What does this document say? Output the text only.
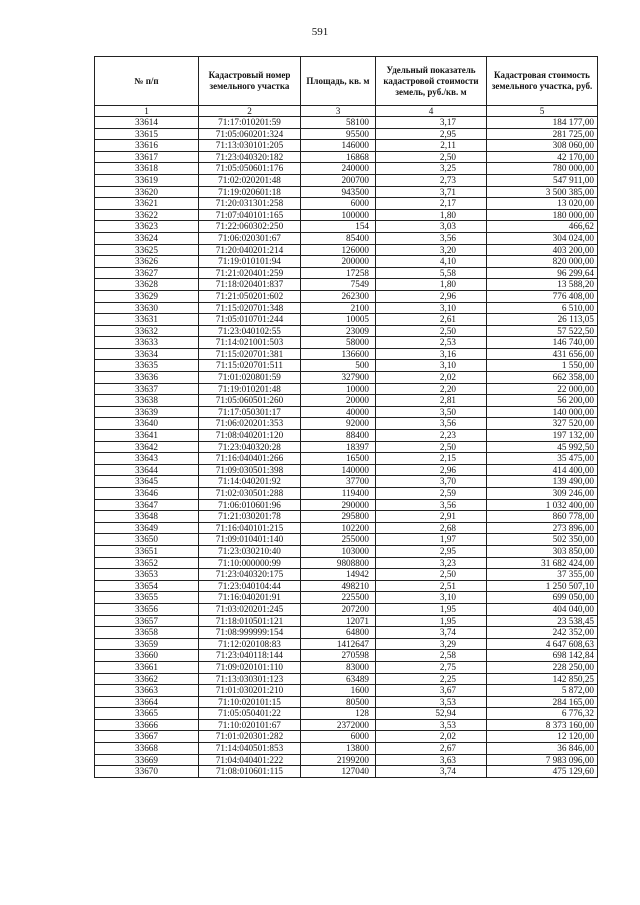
591
№ п/п	Кадастровый номер земельного участка	Площадь, кв. м	Удельный показатель кадастровой стоимости земель, руб./кв. м	Кадастровая стоимость земельного участка, руб.
1	2	3	4	5
33614	71:17:010201:59	58100	3,17	184 177,00
33615	71:05:060201:324	95500	2,95	281 725,00
33616	71:13:030101:205	146000	2,11	308 060,00
33617	71:23:040320:182	16868	2,50	42 170,00
33618	71:05:050601:176	240000	3,25	780 000,00
33619	71:02:020201:48	200700	2,73	547 911,00
33620	71:19:020601:18	943500	3,71	3 500 385,00
33621	71:20:031301:258	6000	2,17	13 020,00
33622	71:07:040101:165	100000	1,80	180 000,00
33623	71:22:060302:250	154	3,03	466,62
33624	71:06:020301:67	85400	3,56	304 024,00
33625	71:20:040201:214	126000	3,20	403 200,00
33626	71:19:010101:94	200000	4,10	820 000,00
33627	71:21:020401:259	17258	5,58	96 299,64
33628	71:18:020401:837	7549	1,80	13 588,20
33629	71:21:050201:602	262300	2,96	776 408,00
33630	71:15:020701:348	2100	3,10	6 510,00
33631	71:05:010701:244	10005	2,61	26 113,05
33632	71:23:040102:55	23009	2,50	57 522,50
33633	71:14:021001:503	58000	2,53	146 740,00
33634	71:15:020701:381	136600	3,16	431 656,00
33635	71:15:020701:511	500	3,10	1 550,00
33636	71:01:020801:59	327900	2,02	662 358,00
33637	71:19:010201:48	10000	2,20	22 000,00
33638	71:05:060501:260	20000	2,81	56 200,00
33639	71:17:050301:17	40000	3,50	140 000,00
33640	71:06:020201:353	92000	3,56	327 520,00
33641	71:08:040201:120	88400	2,23	197 132,00
33642	71:23:040320:28	18397	2,50	45 992,50
33643	71:16:040401:266	16500	2,15	35 475,00
33644	71:09:030501:398	140000	2,96	414 400,00
33645	71:14:040201:92	37700	3,70	139 490,00
33646	71:02:030501:288	119400	2,59	309 246,00
33647	71:06:010601:96	290000	3,56	1 032 400,00
33648	71:21:030201:78	295800	2,91	860 778,00
33649	71:16:040101:215	102200	2,68	273 896,00
33650	71:09:010401:140	255000	1,97	502 350,00
33651	71:23:030210:40	103000	2,95	303 850,00
33652	71:10:000000:99	9808800	3,23	31 682 424,00
33653	71:23:040320:175	14942	2,50	37 355,00
33654	71:23:040104:44	498210	2,51	1 250 507,10
33655	71:16:040201:91	225500	3,10	699 050,00
33656	71:03:020201:245	207200	1,95	404 040,00
33657	71:18:010501:121	12071	1,95	23 538,45
33658	71:08:999999:154	64800	3,74	242 352,00
33659	71:12:020108:83	1412647	3,29	4 647 608,63
33660	71:23:040118:144	270598	2,58	698 142,84
33661	71:09:020101:110	83000	2,75	228 250,00
33662	71:13:030301:123	63489	2,25	142 850,25
33663	71:01:030201:210	1600	3,67	5 872,00
33664	71:10:020101:15	80500	3,53	284 165,00
33665	71:05:050401:22	128	52,94	6 776,32
33666	71:10:020101:67	2372000	3,53	8 373 160,00
33667	71:01:020301:282	6000	2,02	12 120,00
33668	71:14:040501:853	13800	2,67	36 846,00
33669	71:04:040401:222	2199200	3,63	7 983 096,00
33670	71:08:010601:115	127040	3,74	475 129,60
